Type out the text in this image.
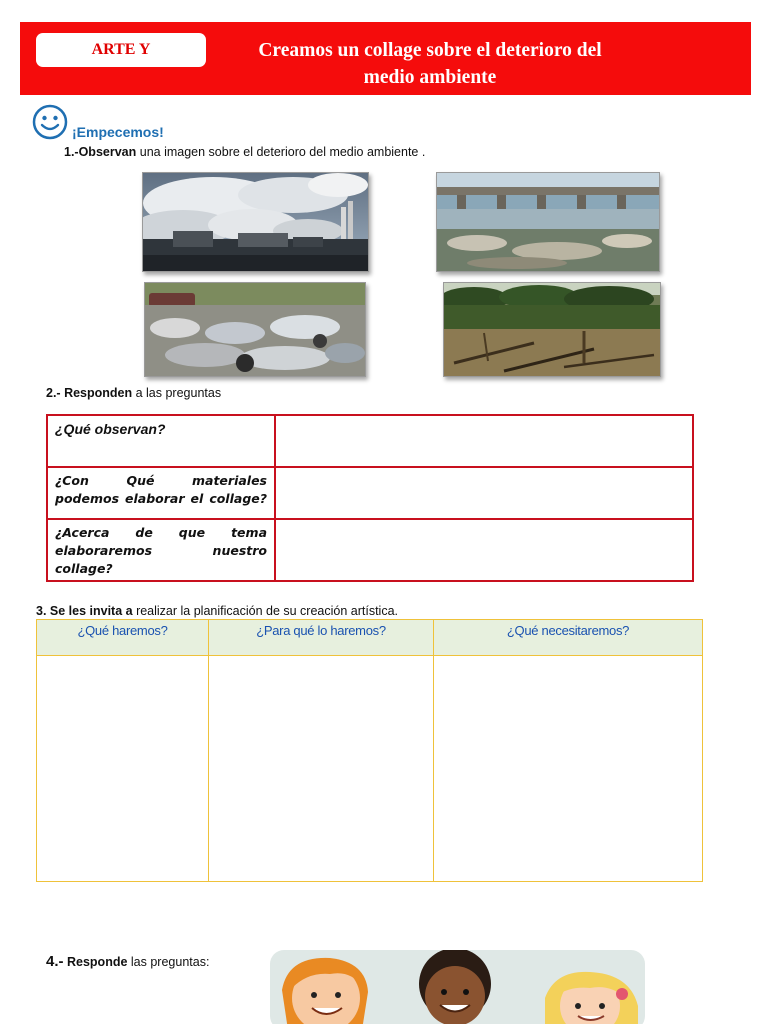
ARTE Y	Creamos un collage sobre el deterioro del
medio ambiente
¡Empecemos!
1.-Observan una imagen sobre el deterioro del medio ambiente .
2.- Responden a las preguntas
¿Qué observan?	
¿Con Qué materiales podemos elaborar el collage?	
¿Acerca de que tema elaboraremos nuestro collage?	
3. Se les invita a realizar la planificación de su creación artística.
¿Qué haremos?	¿Para qué lo haremos?	¿Qué necesitaremos?

4.- Responde las preguntas:
